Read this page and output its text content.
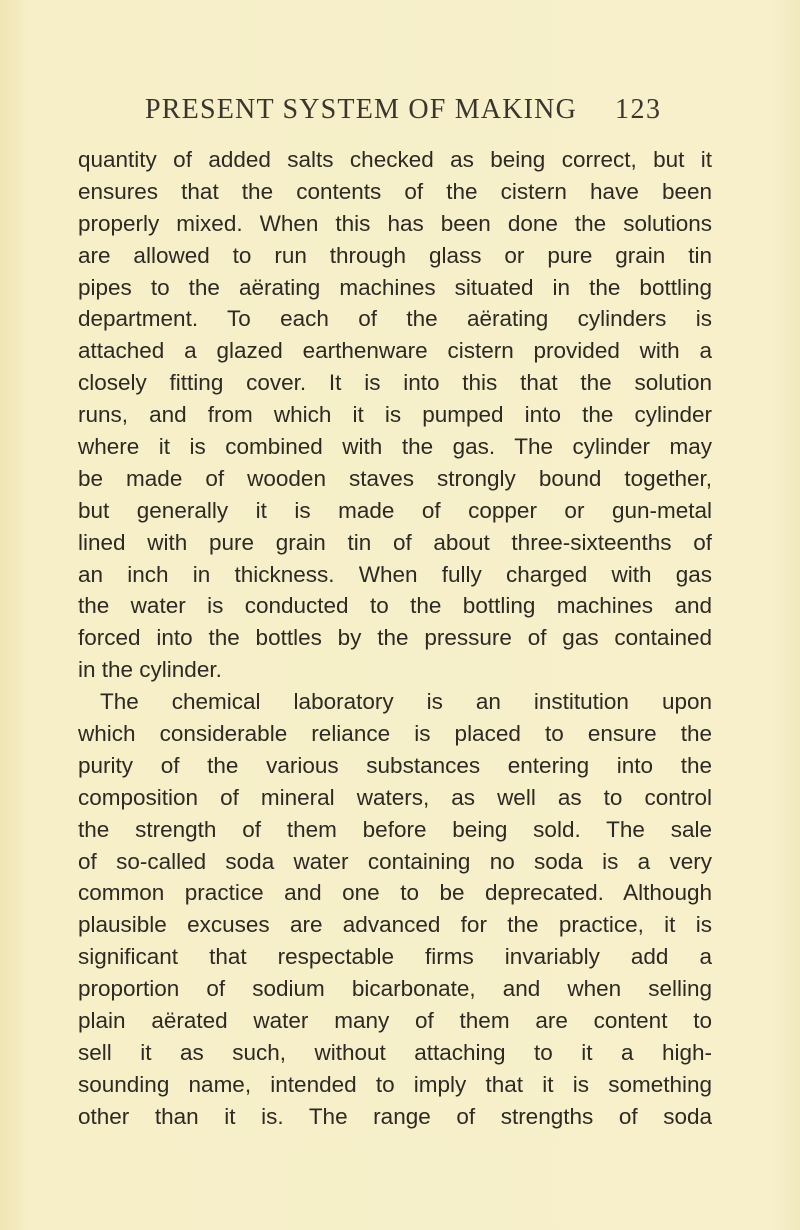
PRESENT SYSTEM OF MAKING 123
quantity of added salts checked as being correct, but it
ensures that the contents of the cistern have been
properly mixed. When this has been done the solutions
are allowed to run through glass or pure grain tin
pipes to the aërating machines situated in the bottling
department. To each of the aërating cylinders is
attached a glazed earthenware cistern provided with a
closely fitting cover. It is into this that the solution
runs, and from which it is pumped into the cylinder
where it is combined with the gas. The cylinder may
be made of wooden staves strongly bound together,
but generally it is made of copper or gun-metal
lined with pure grain tin of about three-sixteenths of
an inch in thickness. When fully charged with gas
the water is conducted to the bottling machines and
forced into the bottles by the pressure of gas contained
in the cylinder.
The chemical laboratory is an institution upon
which considerable reliance is placed to ensure the
purity of the various substances entering into the
composition of mineral waters, as well as to control
the strength of them before being sold. The sale
of so-called soda water containing no soda is a very
common practice and one to be deprecated. Although
plausible excuses are advanced for the practice, it is
significant that respectable firms invariably add a
proportion of sodium bicarbonate, and when selling
plain aërated water many of them are content to
sell it as such, without attaching to it a high-
sounding name, intended to imply that it is something
other than it is. The range of strengths of soda
